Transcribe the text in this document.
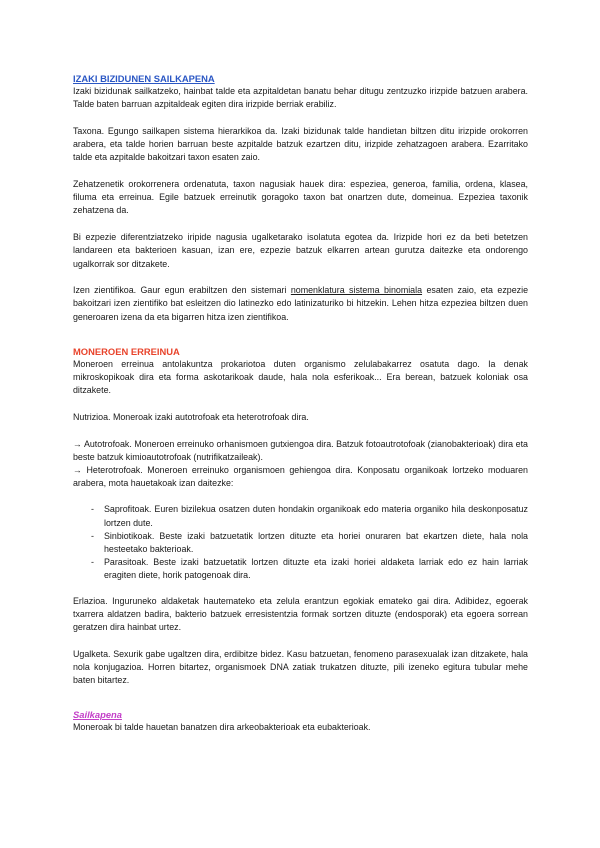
IZAKI BIZIDUNEN SAILKAPENA

Izaki bizidunak sailkatzeko, hainbat talde eta azpitaldetan banatu behar ditugu zentzuzko irizpide batzuen arabera. Talde baten barruan azpitaldeak egiten dira irizpide berriak erabiliz.

Taxona. Egungo sailkapen sistema hierarkikoa da. Izaki bizidunak talde handietan biltzen ditu irizpide orokorren arabera, eta talde horien barruan beste azpitalde batzuk ezartzen ditu, irizpide zehatzagoen arabera. Ezarritako talde eta azpitalde bakoitzari taxon esaten zaio.

Zehatzenetik orokorrenera ordenatuta, taxon nagusiak hauek dira: espeziea, generoa, familia, ordena, klasea, filuma eta erreinua. Egile batzuek erreinutik goragoko taxon bat onartzen dute, domeinua. Ezpeziea taxonik zehatzena da.

Bi ezpezie diferentziatzeko iripide nagusia ugalketarako isolatuta egotea da. Irizpide hori ez da beti betetzen landareen eta bakterioen kasuan, izan ere, ezpezie batzuk elkarren artean gurutza daitezke eta ondorengo ugalkorrak sor ditzakete.

Izen zientifikoa. Gaur egun erabiltzen den sistemari nomenklatura sistema binomiala esaten zaio, eta ezpezie bakoitzari izen zientifiko bat esleitzen dio latinezko edo latinizaturiko bi hitzekin. Lehen hitza ezpeziea biltzen duen generoaren izena da eta bigarren hitza izen zientifikoa.

MONEROEN ERREINUA

Moneroen erreinua antolakuntza prokariotoa duten organismo zelulabakarrez osatuta dago. Ia denak mikroskopikoak dira eta forma askotarikoak daude, hala nola esferikoak... Era berean, batzuek koloniak osa ditzakete.

Nutrizioa. Moneroak izaki autotrofoak eta heterotrofoak dira.

→ Autotrofoak. Moneroen erreinuko orhanismoen gutxiengoa dira. Batzuk fotoautrotofoak (zianobakterioak) dira eta beste batzuk kimioautotrofoak (nutrifikatzaileak).
→ Heterotrofoak. Moneroen erreinuko organismoen gehiengoa dira. Konposatu organikoak lortzeko moduaren arabera, mota hauetakoak izan daitezke:
- Saprofitoak. Euren bizilekua osatzen duten hondakin organikoak edo materia organiko hila deskonposatuz lortzen dute.
- Sinbiotikoak. Beste izaki batzuetatik lortzen dituzte eta horiei onuraren bat ekartzen diete, hala nola hesteetako bakterioak.
- Parasitoak. Beste izaki batzuetatik lortzen dituzte eta izaki horiei aldaketa larriak edo ez hain larriak eragiten diete, horik patogenoak dira.

Erlazioa. Inguruneko aldaketak hautemateko eta zelula erantzun egokiak emateko gai dira. Adibidez, egoerak txarrera aldatzen badira, bakterio batzuek erresistentzia formak sortzen dituzte (endosporak) eta egoera sorrean geratzen dira hainbat urtez.

Ugalketa. Sexurik gabe ugaltzen dira, erdibitze bidez. Kasu batzuetan, fenomeno parasexualak izan ditzakete, hala nola konjugazioa. Horren bitartez, organismoek DNA zatiak trukatzen dituzte, pili izeneko egitura tubular mehe baten bitartez.

Sailkapena

Moneroak bi talde hauetan banatzen dira arkeobakterioak eta eubakterioak.
